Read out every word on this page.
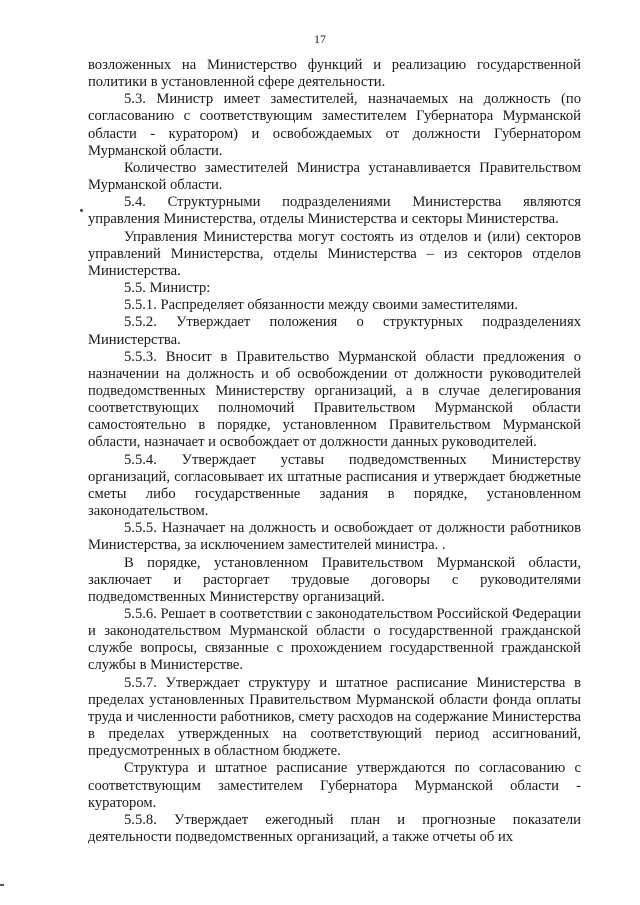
17

возложенных на Министерство функций и реализацию государственной политики в установленной сфере деятельности.

5.3. Министр имеет заместителей, назначаемых на должность (по согласованию с соответствующим заместителем Губернатора Мурманской области - куратором) и освобождаемых от должности Губернатором Мурманской области.

Количество заместителей Министра устанавливается Правительством Мурманской области.

5.4. Структурными подразделениями Министерства являются управления Министерства, отделы Министерства и секторы Министерства.

Управления Министерства могут состоять из отделов и (или) секторов управлений Министерства, отделы Министерства – из секторов отделов Министерства.

5.5. Министр:

5.5.1. Распределяет обязанности между своими заместителями.

5.5.2. Утверждает положения о структурных подразделениях Министерства.

5.5.3. Вносит в Правительство Мурманской области предложения о назначении на должность и об освобождении от должности руководителей подведомственных Министерству организаций, а в случае делегирования соответствующих полномочий Правительством Мурманской области самостоятельно в порядке, установленном Правительством Мурманской области, назначает и освобождает от должности данных руководителей.

5.5.4. Утверждает уставы подведомственных Министерству организаций, согласовывает их штатные расписания и утверждает бюджетные сметы либо государственные задания в порядке, установленном законодательством.

5.5.5. Назначает на должность и освобождает от должности работников Министерства, за исключением заместителей министра. .

В порядке, установленном Правительством Мурманской области, заключает и расторгает трудовые договоры с руководителями подведомственных Министерству организаций.

5.5.6. Решает в соответствии с законодательством Российской Федерации и законодательством Мурманской области о государственной гражданской службе вопросы, связанные с прохождением государственной гражданской службы в Министерстве.

5.5.7. Утверждает структуру и штатное расписание Министерства в пределах установленных Правительством Мурманской области фонда оплаты труда и численности работников, смету расходов на содержание Министерства в пределах утвержденных на соответствующий период ассигнований, предусмотренных в областном бюджете.

Структура и штатное расписание утверждаются по согласованию с соответствующим заместителем Губернатора Мурманской области - куратором.

5.5.8. Утверждает ежегодный план и прогнозные показатели деятельности подведомственных организаций, а также отчеты об их
